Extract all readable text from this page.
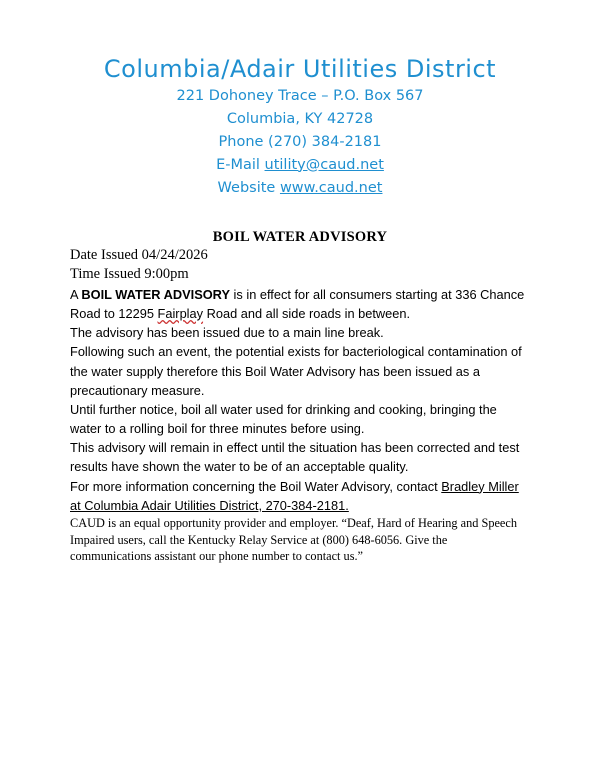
Columbia/Adair Utilities District
221 Dohoney Trace – P.O. Box 567
Columbia, KY 42728
Phone (270) 384-2181
E-Mail utility@caud.net
Website www.caud.net
BOIL WATER ADVISORY

Date Issued 04/24/2026

Time Issued 9:00pm

A BOIL WATER ADVISORY is in effect for all consumers starting at 336 Chance Road to 12295 Fairplay Road and all side roads in between.

The advisory has been issued due to a main line break.

Following such an event, the potential exists for bacteriological contamination of the water supply therefore this Boil Water Advisory has been issued as a precautionary measure.

Until further notice, boil all water used for drinking and cooking, bringing the water to a rolling boil for three minutes before using.

This advisory will remain in effect until the situation has been corrected and test results have shown the water to be of an acceptable quality.

For more information concerning the Boil Water Advisory, contact Bradley Miller at Columbia Adair Utilities District, 270-384-2181.

CAUD is an equal opportunity provider and employer. “Deaf, Hard of Hearing and Speech Impaired users, call the Kentucky Relay Service at (800) 648-6056. Give the communications assistant our phone number to contact us.”
